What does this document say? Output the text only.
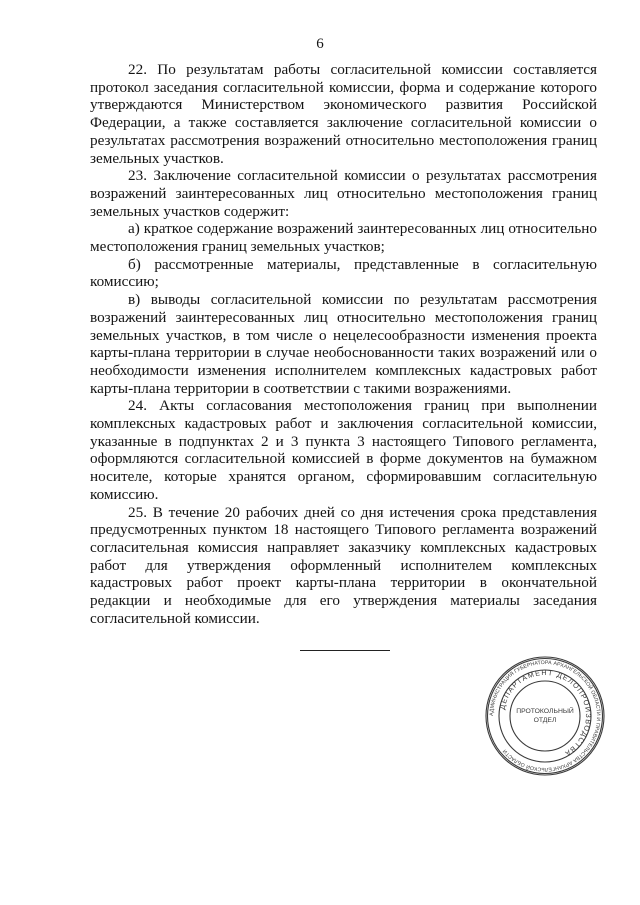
6

22. По результатам работы согласительной комиссии составляется протокол заседания согласительной комиссии, форма и содержание которого утверждаются Министерством экономического развития Российской Федерации, а также составляется заключение согласительной комиссии о результатах рассмотрения возражений относительно местоположения границ земельных участков.

23. Заключение согласительной комиссии о результатах рассмотрения возражений заинтересованных лиц относительно местоположения границ земельных участков содержит:

а) краткое содержание возражений заинтересованных лиц относительно местоположения границ земельных участков;

б) рассмотренные материалы, представленные в согласительную комиссию;

в) выводы согласительной комиссии по результатам рассмотрения возражений заинтересованных лиц относительно местоположения границ земельных участков, в том числе о нецелесообразности изменения проекта карты-плана территории в случае необоснованности таких возражений или о необходимости изменения исполнителем комплексных кадастровых работ карты-плана территории в соответствии с такими возражениями.

24. Акты согласования местоположения границ при выполнении комплексных кадастровых работ и заключения согласительной комиссии, указанные в подпунктах 2 и 3 пункта 3 настоящего Типового регламента, оформляются согласительной комиссией в форме документов на бумажном носителе, которые хранятся органом, сформировавшим согласительную комиссию.

25. В течение 20 рабочих дней со дня истечения срока представления предусмотренных пунктом 18 настоящего Типового регламента возражений согласительная комиссия направляет заказчику комплексных кадастровых работ для утверждения оформленный исполнителем комплексных кадастровых работ проект карты-плана территории в окончательной редакции и необходимые для его утверждения материалы заседания согласительной комиссии.

АДМИНИСТРАЦИЯ ГУБЕРНАТОРА АРХАНГЕЛЬСКОЙ ОБЛАСТИ И ПРАВИТЕЛЬСТВА АРХАНГЕЛЬСКОЙ ОБЛАСТИ
ДЕПАРТАМЕНТ ДЕЛОПРОИЗВОДСТВА
ПРОТОКОЛЬНЫЙ
ОТДЕЛ
